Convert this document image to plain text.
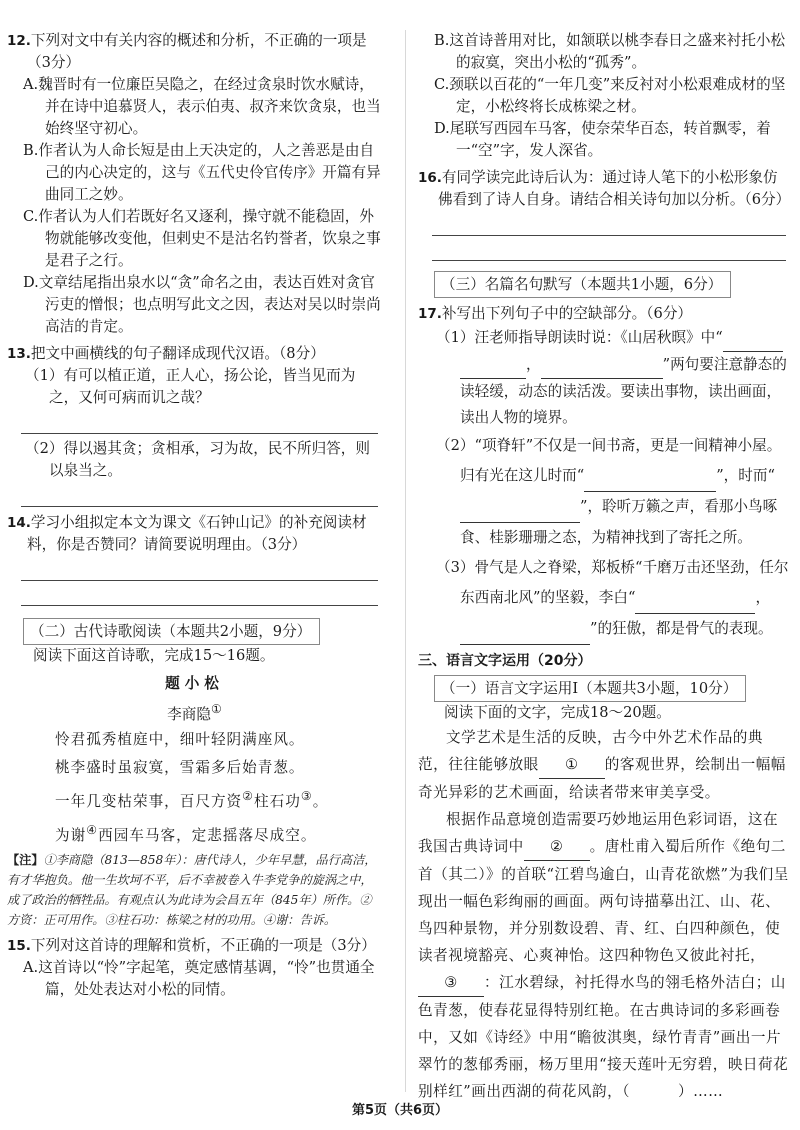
12.下列对文中有关内容的概述和分析，不正确的一项是（3分）
A.魏晋时有一位廉臣吴隐之，在经过贪泉时饮水赋诗，并在诗中追慕贤人，表示伯夷、叔齐来饮贪泉，也当始终坚守初心。
B.作者认为人命长短是由上天决定的，人之善恶是由自己的内心决定的，这与《五代史伶官传序》开篇有异曲同工之妙。
C.作者认为人们若既好名又逐利，操守就不能稳固，外物就能够改变他，但剌史不是沽名钓誉者，饮泉之事是君子之行。
D.文章结尾指出泉水以“贪”命名之由，表达百姓对贪官污吏的憎恨；也点明写此文之因，表达对吴以时崇尚高洁的肯定。
13.把文中画横线的句子翻译成现代汉语。（8分）
（1）有可以植正道，正人心，扬公论，皆当见而为之，又何可病而讥之哉？
（2）得以遏其贪；贪相承，习为故，民不所归答，则以泉当之。
14.学习小组拟定本文为课文《石钟山记》的补充阅读材料，你是否赞同？请简要说明理由。（3分）
（二）古代诗歌阅读（本题共2小题，9分）
阅读下面这首诗歌，完成15～16题。
题小松
李商隐①
怜君孤秀植庭中，细叶轻阴满座风。
桃李盛时虽寂寞，雪霜多后始青葱。
一年几变枯荣事，百尺方资②柱石功③。
为谢④西园车马客，定悲摇落尽成空。
【注】①李商隐（813—858年）：唐代诗人，少年早慧，品行高洁，有才华抱负。他一生坎坷不平，后不幸被卷入牛李党争的旋涡之中，成了政治的牺牲品。有观点认为此诗为会昌五年（845年）所作。②方资：正可用作。③柱石功：栋梁之材的功用。④谢：告诉。
15.下列对这首诗的理解和赏析，不正确的一项是（3分）
A.这首诗以“怜”字起笔，奠定感情基调，“怜”也贯通全篇，处处表达对小松的同情。
B.这首诗普用对比，如颔联以桃李春日之盛来衬托小松的寂寞，突出小松的“孤秀”。
C.颈联以百花的“一年几变”来反衬对小松艰难成材的坚定，小松终将长成栋梁之材。
D.尾联写西园车马客，使奈荣华百态，转首飘零，着一“空”字，发人深省。
16.有同学读完此诗后认为：通过诗人笔下的小松形象仿佛看到了诗人自身。请结合相关诗句加以分析。（6分）
（三）名篇名句默写（本题共1小题，6分）
17.补写出下列句子中的空缺部分。（6分）
（1）汪老师指导朗读时说：《山居秋暝》中“
，	”两句要注意静态的读轻缓，动态的读活泼。要读出事物，读出画面，读出人物的境界。
（2）“项脊轩”不仅是一间书斋，更是一间精神小屋。归有光在这儿时而“	”，时而“”，聆听万籁之声，看那小鸟啄食、桂影珊珊之态，为精神找到了寄托之所。
（3）骨气是人之脊梁，郑板桥“千磨万击还坚劲，任尔东西南北风”的坚毅，李白“	，”的狂傲，都是骨气的表现。
三、语言文字运用（20分）
（一）语言文字运用Ⅰ（本题共3小题，10分）
阅读下面的文字，完成18～20题。
文学艺术是生活的反映，古今中外艺术作品的典范，往往能够放眼 ① 的客观世界，绘制出一幅幅奇光异彩的艺术画面，给读者带来审美享受。
根据作品意境创造需要巧妙地运用色彩词语，这在我国古典诗词中 ② 。唐杜甫入蜀后所作《绝句二首（其二）》的首联“江碧鸟逾白，山青花欲燃”为我们呈现出一幅色彩绚丽的画面。两句诗描摹出江、山、花、鸟四种景物，并分别数设碧、青、红、白四种颜色，使读者视境豁亮、心爽神怡。这四种物色又彼此衬托，③ ：江水碧绿，衬托得水鸟的翎毛格外洁白；山色青葱，使春花显得特别红艳。在古典诗词的多彩画卷中，又如《诗经》中用“瞻彼淇奥，绿竹青青”画出一片翠竹的葱郁秀丽，杨万里用“接天莲叶无穷碧，映日荷花别样红”画出西湖的荷花风韵，（	）……
第5页（共6页）
